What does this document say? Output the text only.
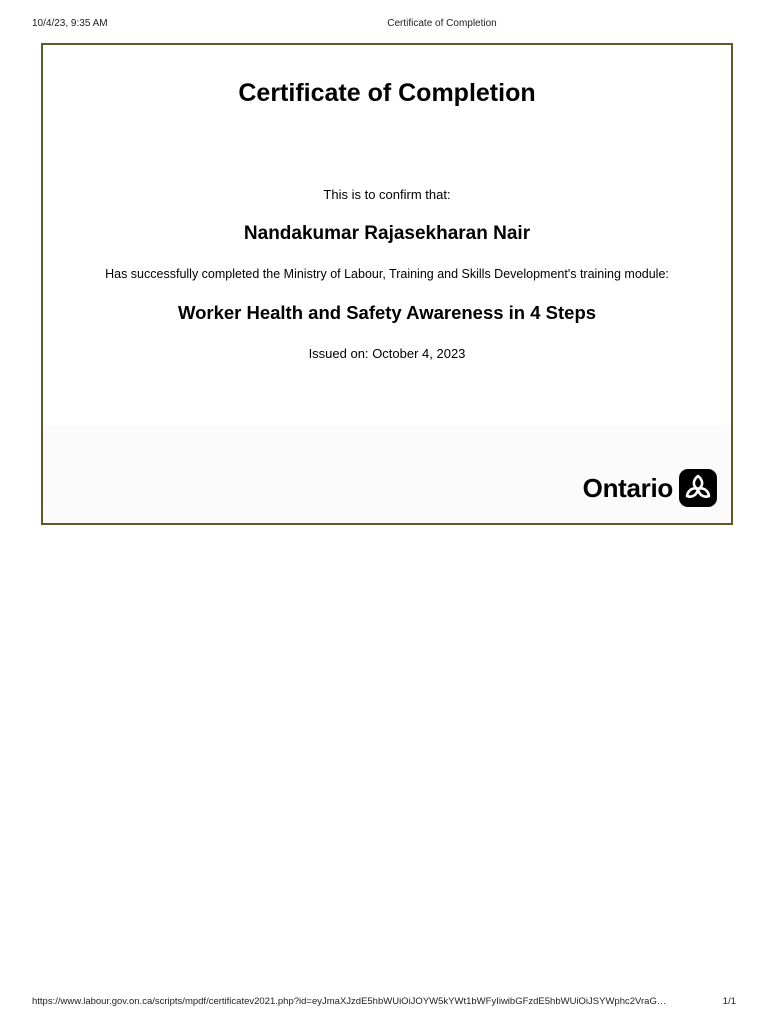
10/4/23, 9:35 AM	Certificate of Completion
Certificate of Completion
This is to confirm that:
Nandakumar Rajasekharan Nair
Has successfully completed the Ministry of Labour, Training and Skills Development's training module:
Worker Health and Safety Awareness in 4 Steps
Issued on: October 4, 2023
Ontario
https://www.labour.gov.on.ca/scripts/mpdf/certificatev2021.php?id=eyJmaXJzdE5hbWUiOiJOYW5kYWt1bWFyIiwibGFzdE5hbWUiOiJSYWphc2VraG…	1/1
